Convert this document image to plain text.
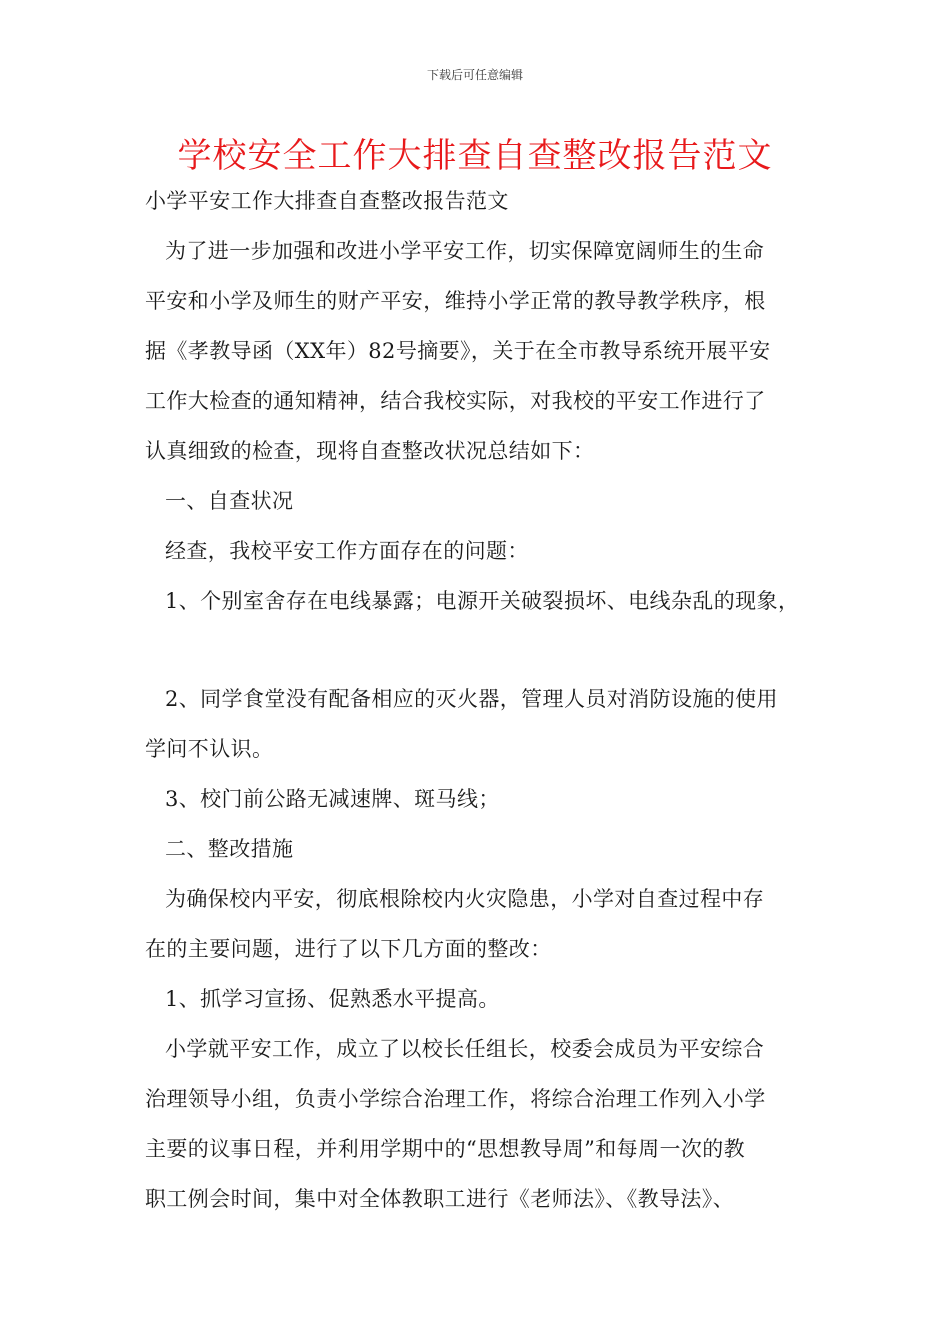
下载后可任意编辑
学校安全工作大排查自查整改报告范文
小学平安工作大排查自查整改报告范文
为了进一步加强和改进小学平安工作，切实保障宽阔师生的生命
平安和小学及师生的财产平安，维持小学正常的教导教学秩序，根
据《孝教导函（XX年）82号摘要》，关于在全市教导系统开展平安
工作大检查的通知精神，结合我校实际，对我校的平安工作进行了
认真细致的检查，现将自查整改状况总结如下：
一、自查状况
经查，我校平安工作方面存在的问题：
1、个别室舍存在电线暴露；电源开关破裂损坏、电线杂乱的现象，
2、同学食堂没有配备相应的灭火器，管理人员对消防设施的使用
学问不认识。
3、校门前公路无减速牌、斑马线；
二、整改措施
为确保校内平安，彻底根除校内火灾隐患，小学对自查过程中存
在的主要问题，进行了以下几方面的整改：
1、抓学习宣扬、促熟悉水平提高。
小学就平安工作，成立了以校长任组长，校委会成员为平安综合
治理领导小组，负责小学综合治理工作，将综合治理工作列入小学
主要的议事日程，并利用学期中的“思想教导周”和每周一次的教
职工例会时间，集中对全体教职工进行《老师法》、《教导法》、
